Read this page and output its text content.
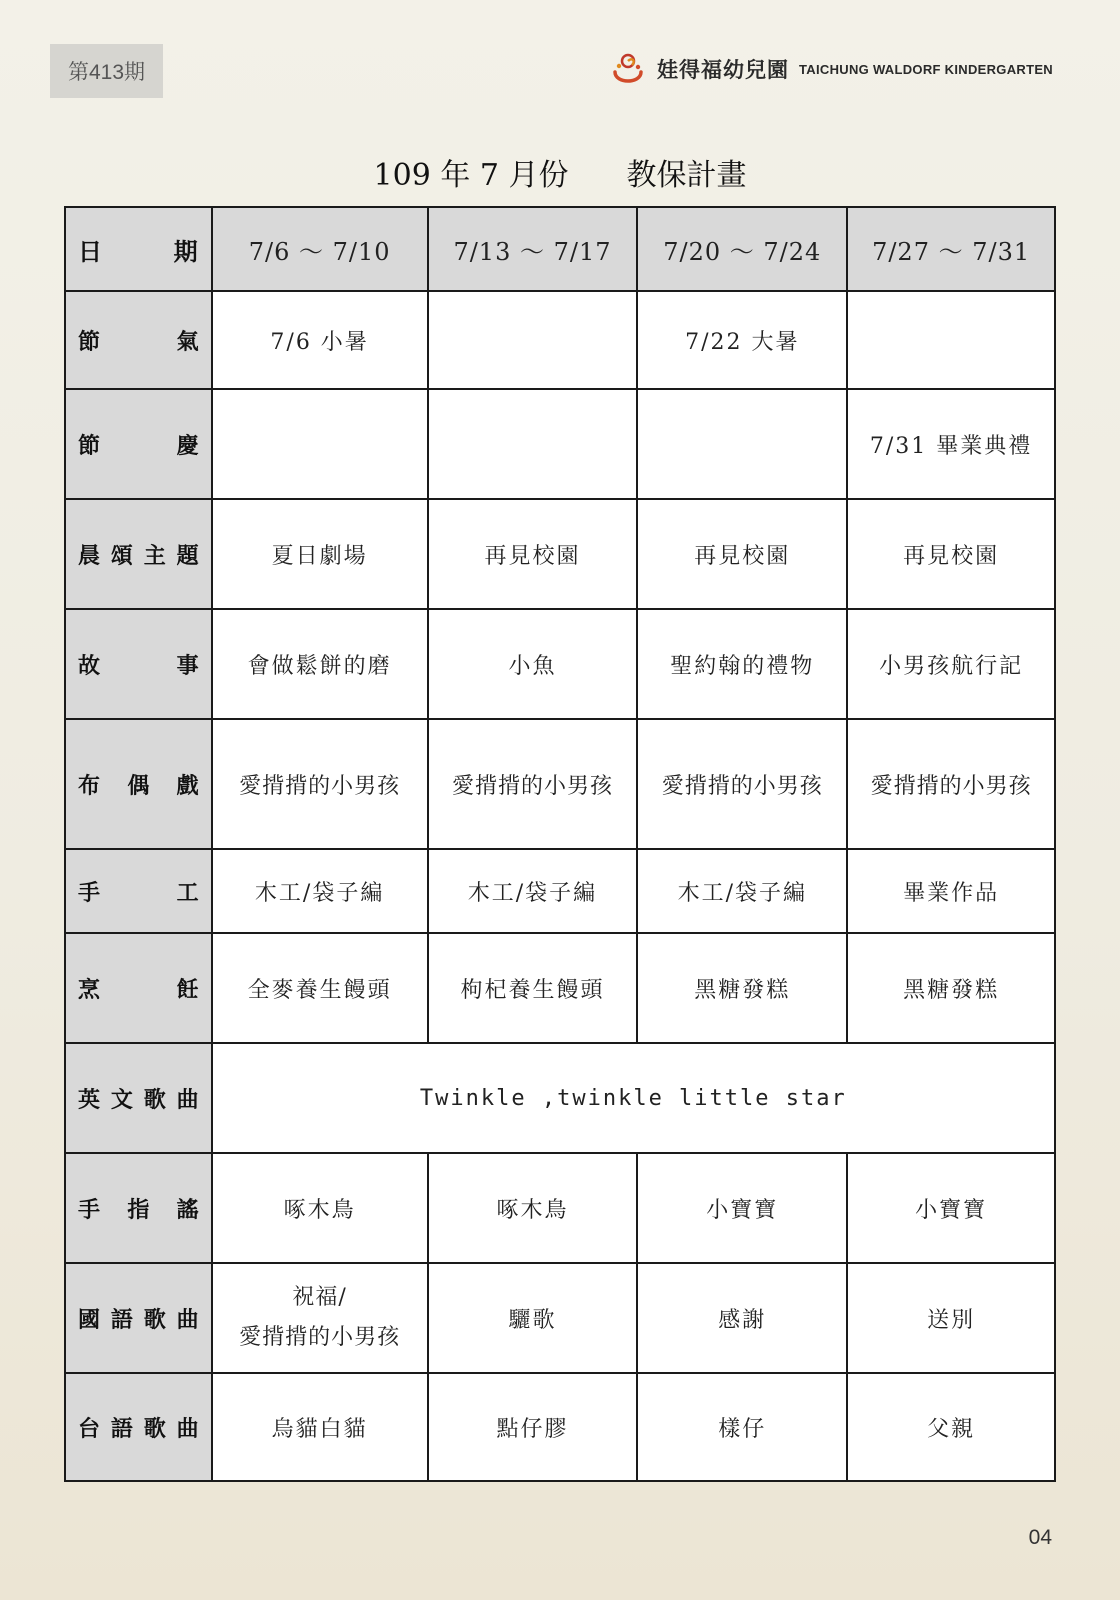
第413期	娃得福幼兒園 TAICHUNG WALDORF KINDERGARTEN
109 年 7 月份 教保計畫
日 期	7/6 ～ 7/10	7/13 ～ 7/17	7/20 ～ 7/24	7/27 ～ 7/31

節 氣	7/6 小暑		7/22 大暑	

節 慶				7/31 畢業典禮

晨 頌 主 題	夏日劇場	再見校園	再見校園	再見校園

故 事	會做鬆餅的磨	小魚	聖約翰的禮物	小男孩航行記

布 偶 戲	愛揹揹的小男孩	愛揹揹的小男孩	愛揹揹的小男孩	愛揹揹的小男孩

手 工	木工/袋子編	木工/袋子編	木工/袋子編	畢業作品

烹 飪	全麥養生饅頭	枸杞養生饅頭	黑糖發糕	黑糖發糕

英 文 歌 曲	Twinkle ,twinkle little star			

手 指 謠	啄木鳥	啄木鳥	小寶寶	小寶寶

國 語 歌 曲	祝福/
愛揹揹的小男孩	驪歌	感謝	送別

台 語 歌 曲	烏貓白貓	點仔膠	樣仔	父親
04
